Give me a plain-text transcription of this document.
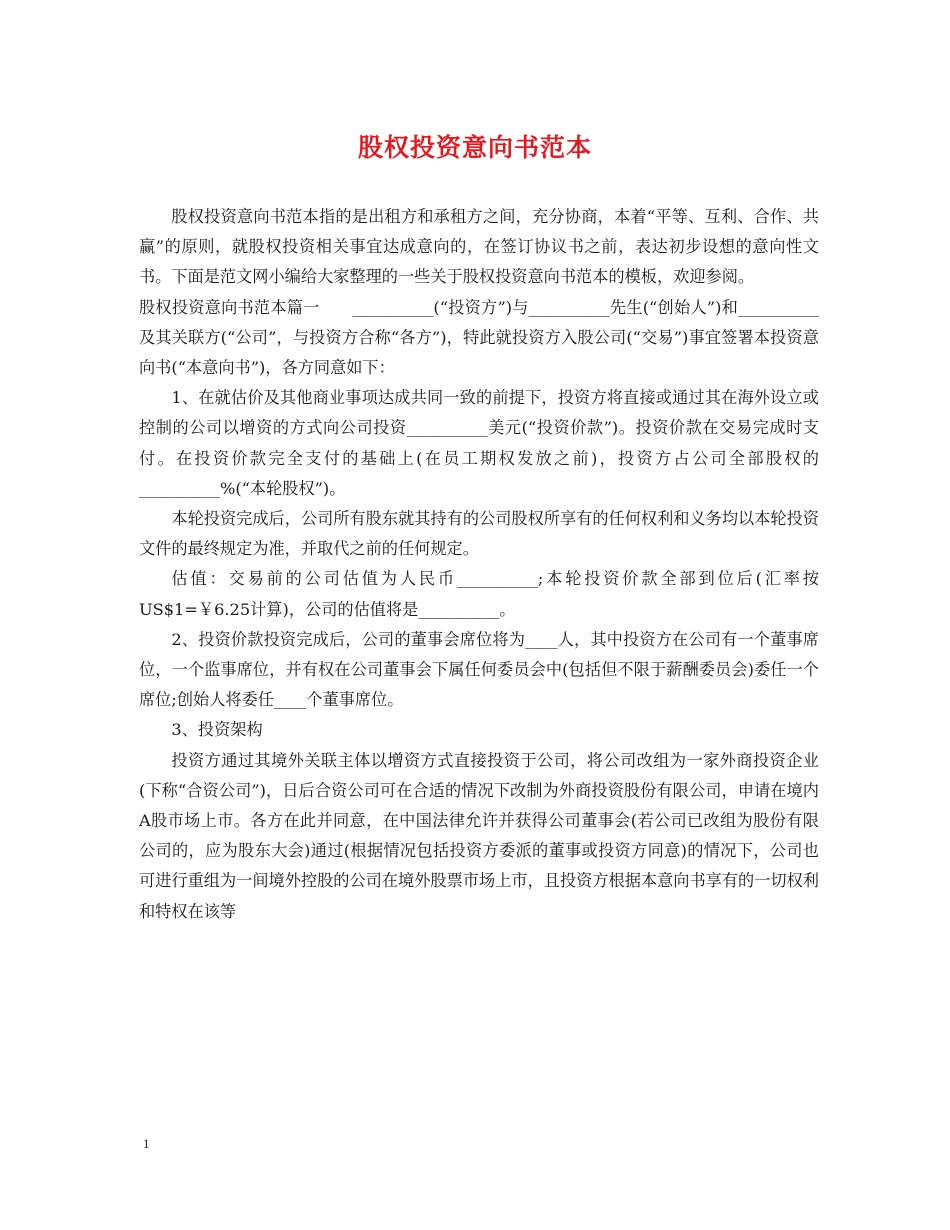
股权投资意向书范本

股权投资意向书范本指的是出租方和承租方之间，充分协商，本着“平等、互利、合作、共赢”的原则，就股权投资相关事宜达成意向的，在签订协议书之前，表达初步设想的意向性文书。下面是范文网小编给大家整理的一些关于股权投资意向书范本的模板，欢迎参阅。

股权投资意向书范本篇一　　__________(“投资方”)与__________先生(“创始人”)和__________及其关联方(“公司”，与投资方合称“各方”)，特此就投资方入股公司(“交易”)事宜签署本投资意向书(“本意向书”)，各方同意如下：

1、在就估价及其他商业事项达成共同一致的前提下，投资方将直接或通过其在海外设立或控制的公司以增资的方式向公司投资__________美元(“投资价款”)。投资价款在交易完成时支付。在投资价款完全支付的基础上(在员工期权发放之前)，投资方占公司全部股权的__________%(“本轮股权”)。

本轮投资完成后，公司所有股东就其持有的公司股权所享有的任何权利和义务均以本轮投资文件的最终规定为准，并取代之前的任何规定。

估值：交易前的公司估值为人民币__________;本轮投资价款全部到位后(汇率按US$1=￥6.25计算)，公司的估值将是__________。

2、投资价款投资完成后，公司的董事会席位将为____人，其中投资方在公司有一个董事席位，一个监事席位，并有权在公司董事会下属任何委员会中(包括但不限于薪酬委员会)委任一个席位;创始人将委任____个董事席位。

3、投资架构

投资方通过其境外关联主体以增资方式直接投资于公司，将公司改组为一家外商投资企业(下称“合资公司”)，日后合资公司可在合适的情况下改制为外商投资股份有限公司，申请在境内A股市场上市。各方在此并同意，在中国法律允许并获得公司董事会(若公司已改组为股份有限公司的，应为股东大会)通过(根据情况包括投资方委派的董事或投资方同意)的情况下，公司也可进行重组为一间境外控股的公司在境外股票市场上市，且投资方根据本意向书享有的一切权利和特权在该等

1
